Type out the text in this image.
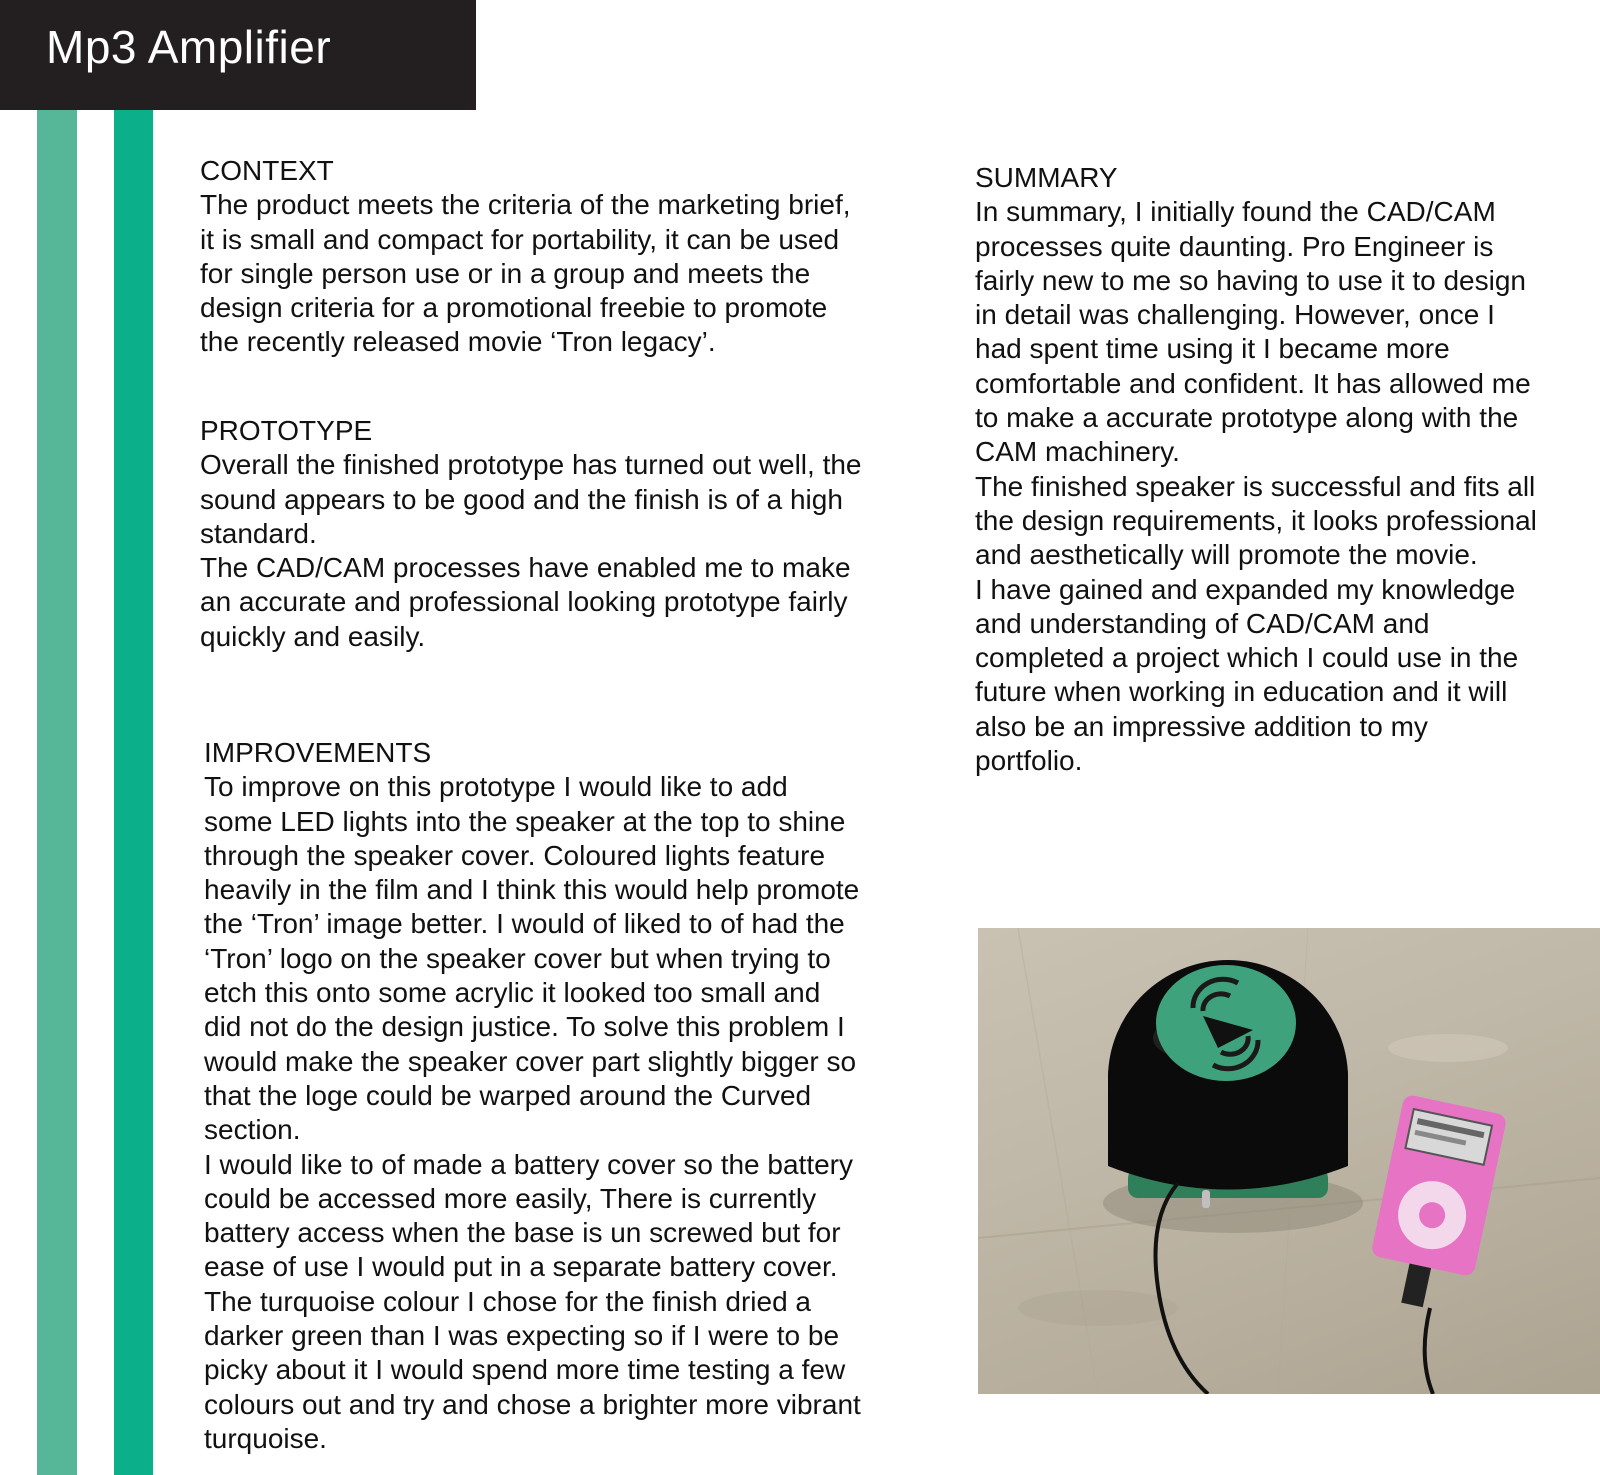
Mp3 Amplifier
CONTEXT
The product meets the criteria of the marketing brief,
it is small and compact for portability, it can be used
for single person use or in a group and meets the
design criteria for a promotional freebie to promote
the recently released movie ‘Tron legacy’.
PROTOTYPE
Overall the finished prototype has turned out well, the
sound appears to be good and the finish is of a high
standard.
The CAD/CAM processes have enabled me to make
an accurate and professional looking prototype fairly
quickly and easily.
IMPROVEMENTS
To improve on this prototype I would like to add
some LED lights into the speaker at the top to shine
through the speaker cover. Coloured lights feature
heavily in the film and I think this would help promote
the ‘Tron’ image better. I would of liked to of had the
‘Tron’ logo on the speaker cover but when trying to
etch this onto some acrylic it looked too small and
did not do the design justice. To solve this problem I
would make the speaker cover part slightly bigger so
that the loge could be warped around the Curved
section.
I would like to of made a battery cover so the battery
could be accessed more easily, There is currently
battery access when the base is un screwed but for
ease of use I would put in a separate battery cover.
The turquoise colour I chose for the finish dried a
darker green than I was expecting so if I were to be
picky about it I would spend more time testing a few
colours out and try and chose a brighter more vibrant
turquoise.
SUMMARY
In summary, I initially found the CAD/CAM
processes quite daunting. Pro Engineer is
fairly new to me so having to use it to design
in detail was challenging. However, once I
had spent time using it I became more
comfortable and confident. It has allowed me
to make a accurate prototype along with the
CAM machinery.
The finished speaker is successful and fits all
the design requirements, it looks professional
and aesthetically will promote the movie.
I have gained and expanded my knowledge
and understanding of CAD/CAM and
completed a project which I could use in the
future when working in education and it will
also be an impressive addition to my
portfolio.
